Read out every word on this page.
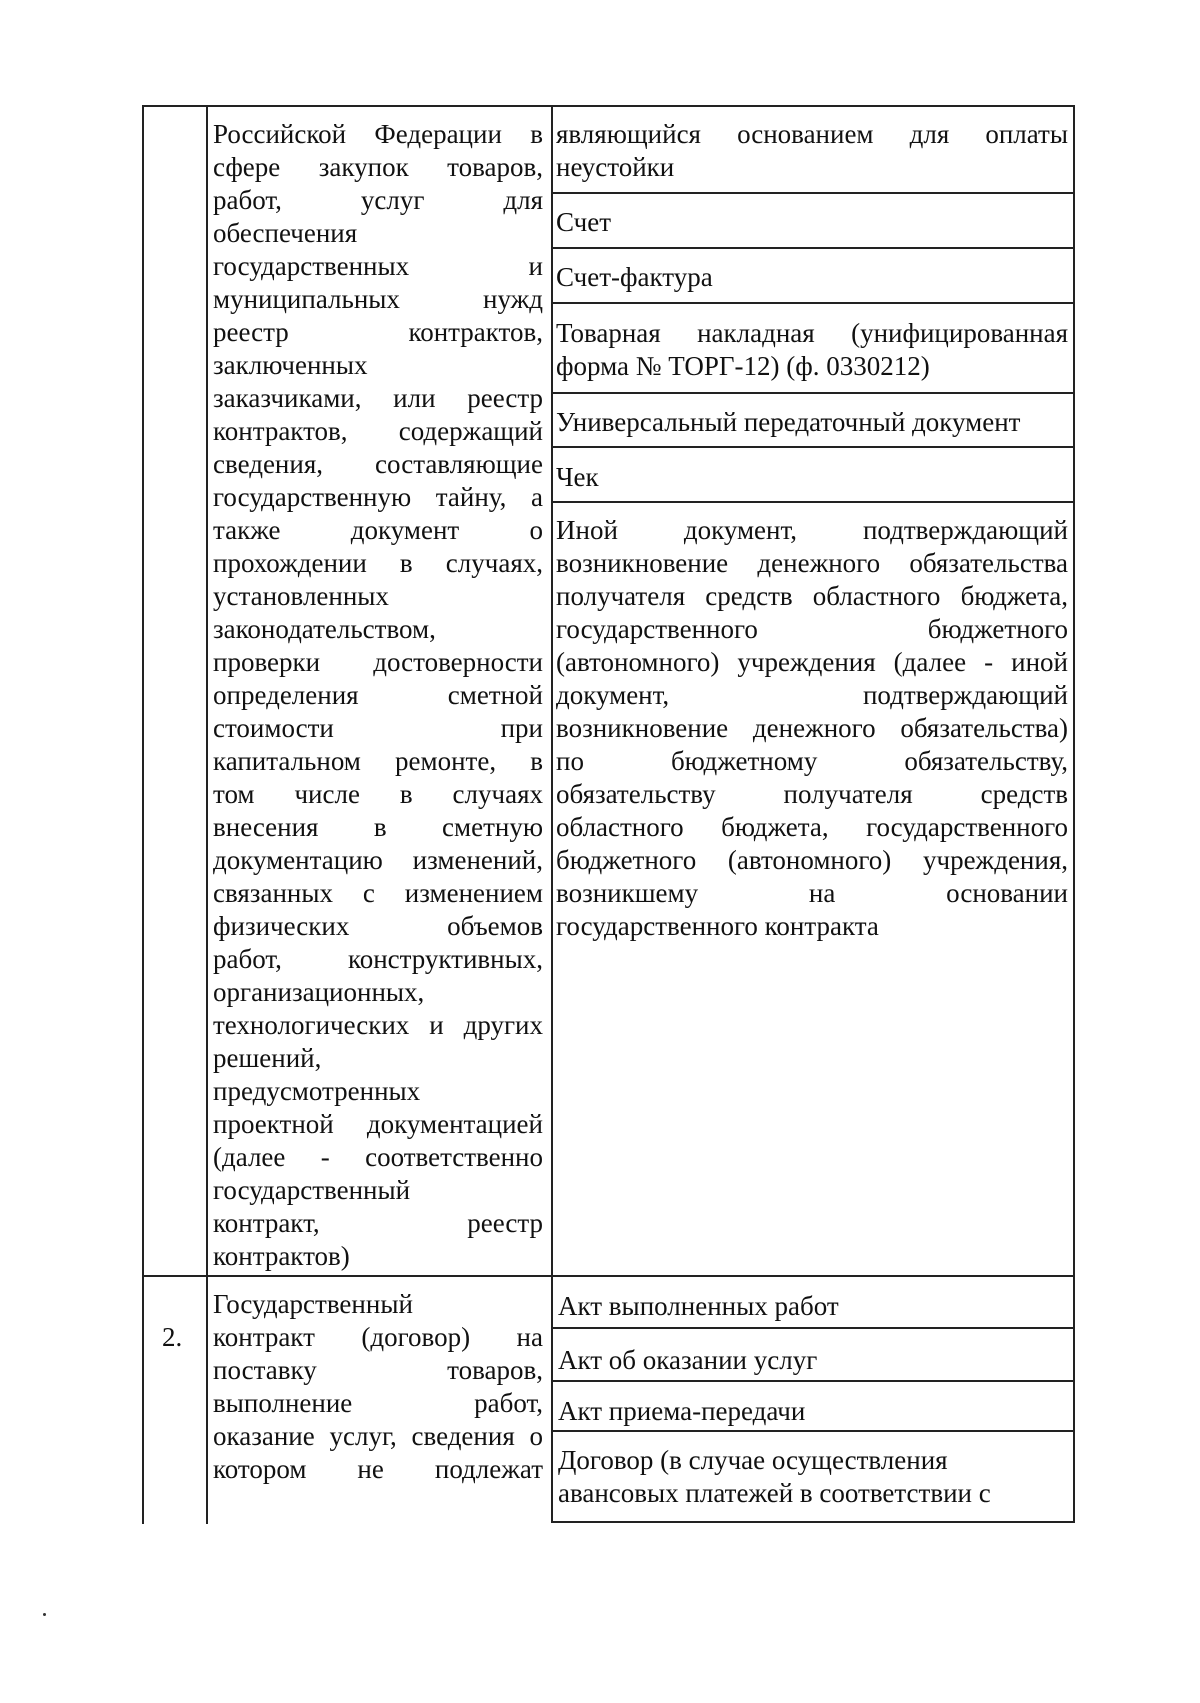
Российской Федерации в
сфере закупок товаров,
работ, услуг для
обеспечения
государственных и
муниципальных нужд
реестр контрактов,
заключенных
заказчиками, или реестр
контрактов, содержащий
сведения, составляющие
государственную тайну, а
также документ о
прохождении в случаях,
установленных
законодательством,
проверки достоверности
определения сметной
стоимости при
капитальном ремонте, в
том числе в случаях
внесения в сметную
документацию изменений,
связанных с изменением
физических объемов
работ, конструктивных,
организационных,
технологических и других
решений,
предусмотренных
проектной документацией
(далее - соответственно
государственный
контракт, реестр
контрактов)
являющийся основанием для оплаты
неустойки
Счет
Счет-фактура
Товарная накладная (унифицированная
форма № ТОРГ-12) (ф. 0330212)
Универсальный передаточный документ
Чек
Иной документ, подтверждающий
возникновение денежного обязательства
получателя средств областного бюджета,
государственного бюджетного
(автономного) учреждения (далее - иной
документ, подтверждающий
возникновение денежного обязательства)
по бюджетному обязательству,
обязательству получателя средств
областного бюджета, государственного
бюджетного (автономного) учреждения,
возникшему на основании
государственного контракта
2.
Государственный
контракт (договор) на
поставку товаров,
выполнение работ,
оказание услуг, сведения о
котором не подлежат
Акт выполненных работ
Акт об оказании услуг
Акт приема-передачи
Договор (в случае осуществления
авансовых платежей в соответствии с
